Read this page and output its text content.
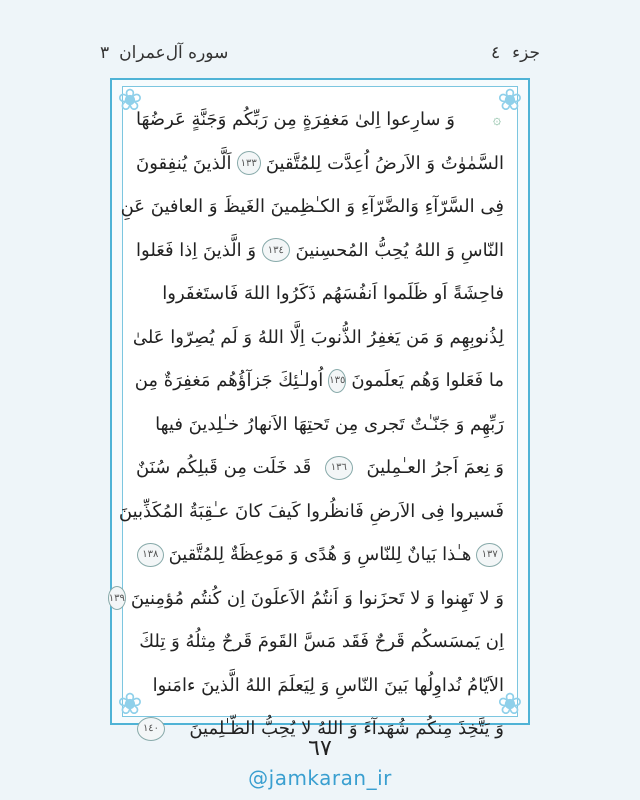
جزء
٤
سوره آل‌عمران
۳
❀	❀
❀	❀
۞
وَ سارِعوا اِلىٰ مَغفِرَةٍ مِن رَبِّكُم وَجَنَّةٍ عَرضُهَا
السَّمٰوٰتُ وَ الاَرضُ اُعِدَّت لِلمُتَّقينَ
١٣٣
اَلَّذينَ يُنفِقونَ
فِى السَّرّآءِ وَالضَّرّآءِ وَ الكـٰظِمينَ الغَيظَ وَ العافينَ عَنِ
النّاسِ وَ اللهُ يُحِبُّ المُحسِنينَ
١٣٤
وَ الَّذينَ اِذا فَعَلوا
فاحِشَةً اَو ظَلَموا اَنفُسَهُم ذَكَرُوا اللهَ فَاستَغفَروا
لِذُنوبِهِم وَ مَن يَغفِرُ الذُّنوبَ اِلَّا اللهُ وَ لَم يُصِرّوا عَلىٰ
ما فَعَلوا وَهُم يَعلَمونَ
١٣٥
اُولـٰئِكَ جَزآؤُهُم مَغفِرَةٌ مِن
رَبِّهِم وَ جَنّـٰتٌ تَجرى مِن تَحتِهَا الاَنهارُ خـٰلِدينَ فيها
وَ نِعمَ اَجرُ العـٰمِلينَ
١٣٦
قَد خَلَت مِن قَبلِكُم سُنَنٌ
فَسيروا فِى الاَرضِ فَانظُروا كَيفَ كانَ عـٰقِبَةُ المُكَذِّبينَ
١٣٧
هـٰذا بَيانٌ لِلنّاسِ وَ هُدًى وَ مَوعِظَةٌ لِلمُتَّقينَ
١٣٨
وَ لا تَهِنوا وَ لا تَحزَنوا وَ اَنتُمُ الاَعلَونَ اِن كُنتُم مُؤمِنينَ
١٣٩
اِن يَمسَسكُم قَرحٌ فَقَد مَسَّ القَومَ قَرحٌ مِثلُهُ وَ تِلكَ
الاَيّامُ نُداوِلُها بَينَ النّاسِ وَ لِيَعلَمَ اللهُ الَّذينَ ءامَنوا
وَ يَتَّخِذَ مِنكُم شُهَدآءَ وَ اللهُ لا يُحِبُّ الظّـٰلِمينَ
١٤٠
٦٧
@jamkaran_ir
